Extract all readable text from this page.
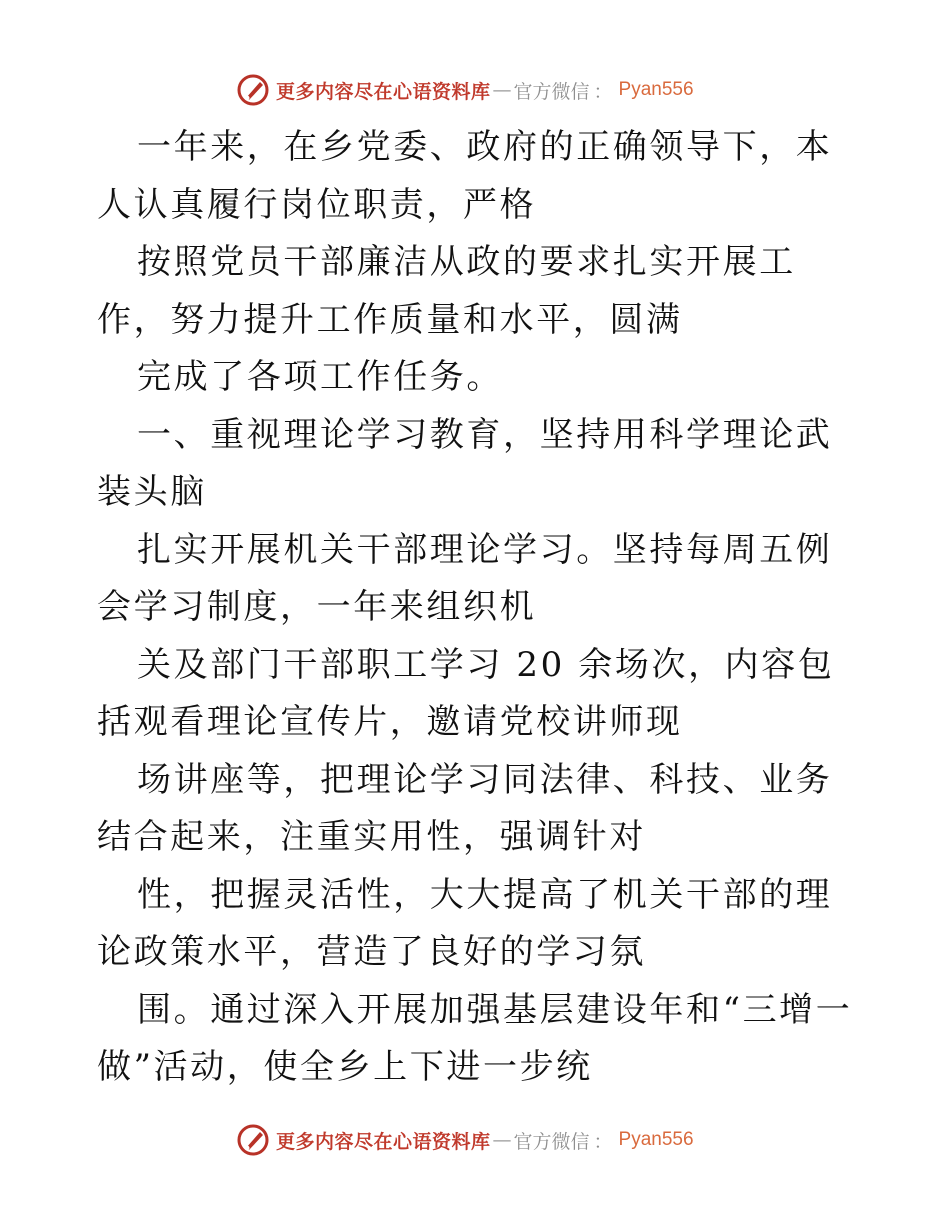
更多内容尽在心语资料库 — 官方微信 ： Pyan556

一年来，在乡党委、政府的正确领导下，本人认真履行岗位职责，严格

按照党员干部廉洁从政的要求扎实开展工作，努力提升工作质量和水平，圆满

完成了各项工作任务。

一、重视理论学习教育，坚持用科学理论武装头脑

扎实开展机关干部理论学习。坚持每周五例会学习制度，一年来组织机

关及部门干部职工学习 20 余场次，内容包括观看理论宣传片，邀请党校讲师现

场讲座等，把理论学习同法律、科技、业务结合起来，注重实用性，强调针对

性，把握灵活性，大大提高了机关干部的理论政策水平，营造了良好的学习氛

围。通过深入开展加强基层建设年和“三增一做”活动，使全乡上下进一步统

更多内容尽在心语资料库 — 官方微信 ： Pyan556
